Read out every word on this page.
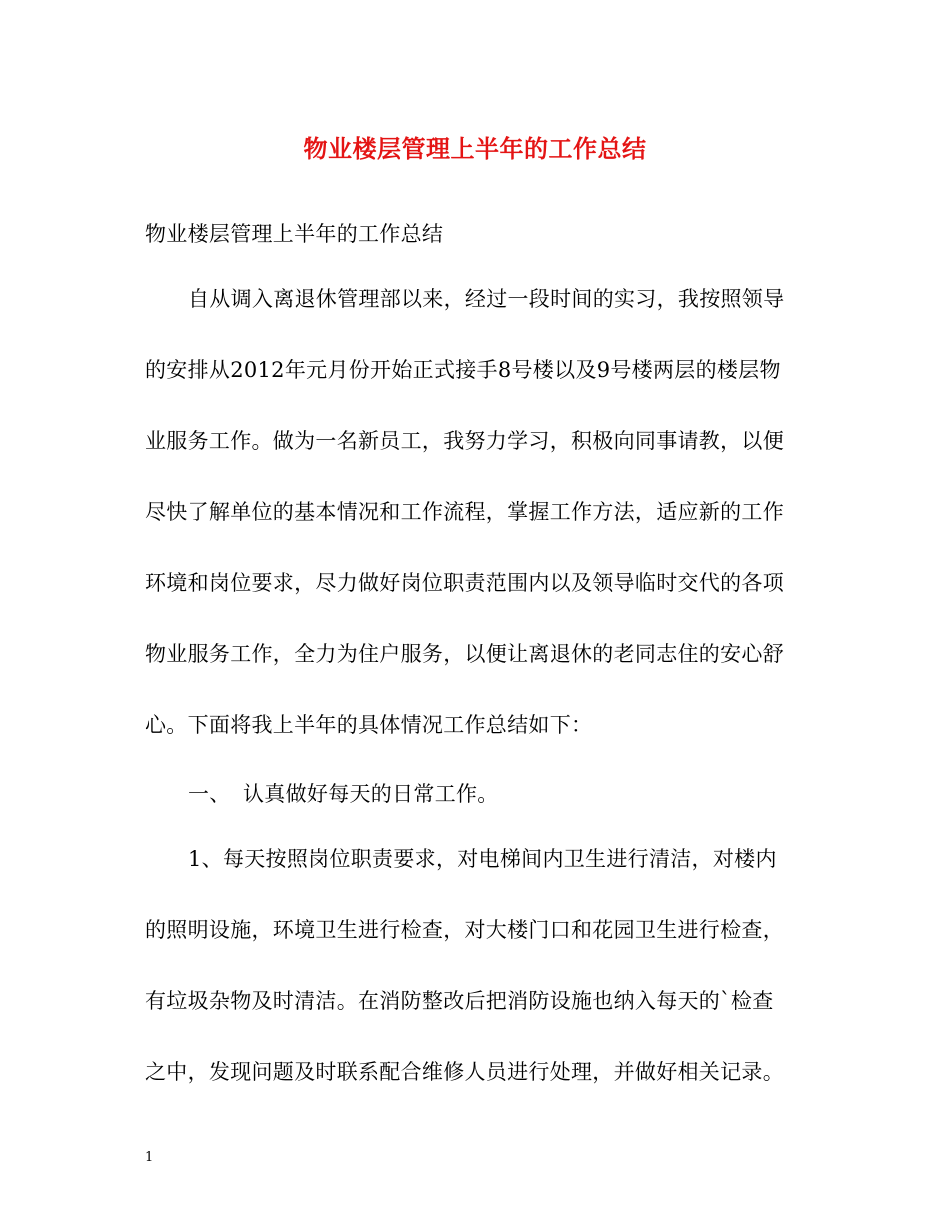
物业楼层管理上半年的工作总结
物业楼层管理上半年的工作总结
自从调入离退休管理部以来，经过一段时间的实习，我按照领导
的安排从2012年元月份开始正式接手8号楼以及9号楼两层的楼层物
业服务工作。做为一名新员工，我努力学习，积极向同事请教，以便
尽快了解单位的基本情况和工作流程，掌握工作方法，适应新的工作
环境和岗位要求，尽力做好岗位职责范围内以及领导临时交代的各项
物业服务工作，全力为住户服务，以便让离退休的老同志住的安心舒
心。下面将我上半年的具体情况工作总结如下：
一、 认真做好每天的日常工作。
1、每天按照岗位职责要求，对电梯间内卫生进行清洁，对楼内
的照明设施，环境卫生进行检查，对大楼门口和花园卫生进行检查，
有垃圾杂物及时清洁。在消防整改后把消防设施也纳入每天的`检查
之中，发现问题及时联系配合维修人员进行处理，并做好相关记录。
1
